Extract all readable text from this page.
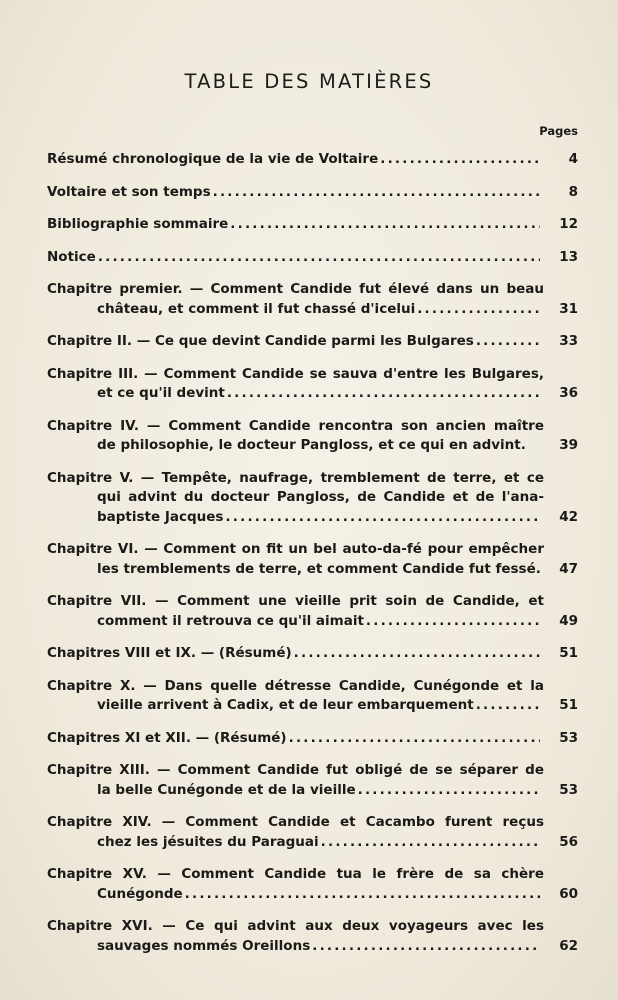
TABLE DES MATIÈRES
Pages
Résumé chronologique de la vie de Voltaire .....	4
Voltaire et son temps .....	8
Bibliographie sommaire .....	12
Notice .....	13
Chapitre premier. — Comment Candide fut élevé dans un beau
château, et comment il fut chassé d'icelui .....	31
Chapitre II. — Ce que devint Candide parmi les Bulgares .....	33
Chapitre III. — Comment Candide se sauva d'entre les Bulgares,
et ce qu'il devint .....	36
Chapitre IV. — Comment Candide rencontra son ancien maître
de philosophie, le docteur Pangloss, et ce qui en advint.	39
Chapitre V. — Tempête, naufrage, tremblement de terre, et ce
qui advint du docteur Pangloss, de Candide et de l'ana-
baptiste Jacques .....	42
Chapitre VI. — Comment on fit un bel auto-da-fé pour empêcher
les tremblements de terre, et comment Candide fut fessé.	47
Chapitre VII. — Comment une vieille prit soin de Candide, et
comment il retrouva ce qu'il aimait .....	49
Chapitres VIII et IX. — (Résumé) .....	51
Chapitre X. — Dans quelle détresse Candide, Cunégonde et la
vieille arrivent à Cadix, et de leur embarquement .....	51
Chapitres XI et XII. — (Résumé) .....	53
Chapitre XIII. — Comment Candide fut obligé de se séparer de
la belle Cunégonde et de la vieille .....	53
Chapitre XIV. — Comment Candide et Cacambo furent reçus
chez les jésuites du Paraguai .....	56
Chapitre XV. — Comment Candide tua le frère de sa chère
Cunégonde .....	60
Chapitre XVI. — Ce qui advint aux deux voyageurs avec les
sauvages nommés Oreillons .....	62
